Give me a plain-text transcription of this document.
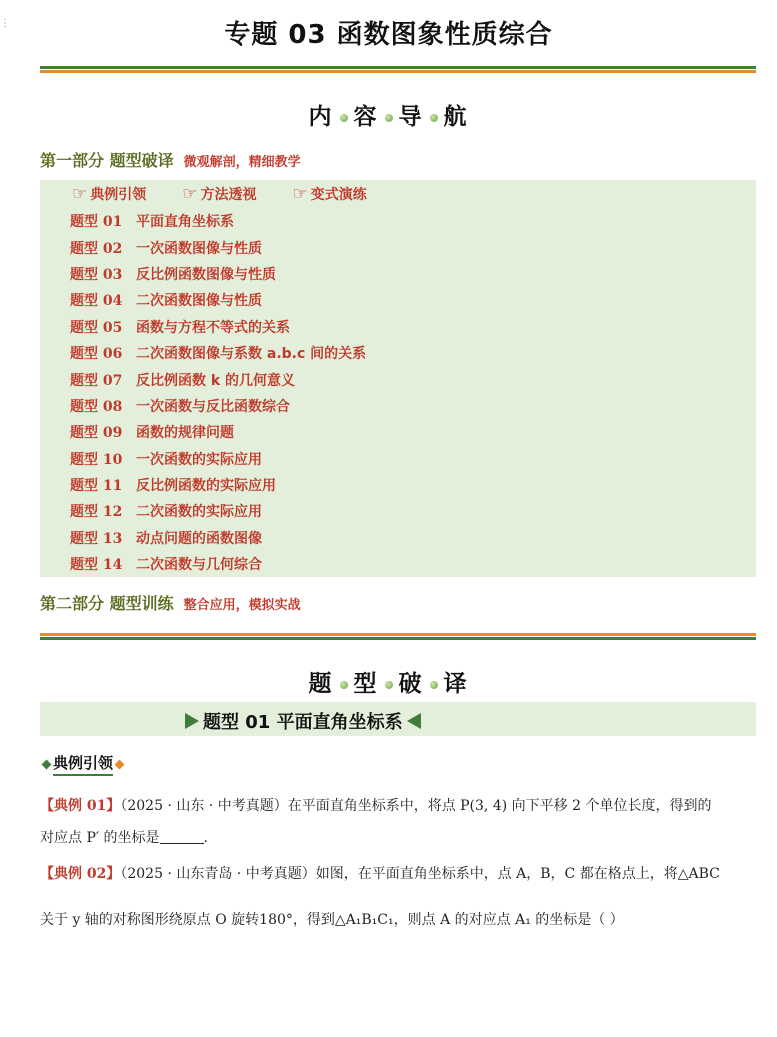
⋮	专题 03 函数图象性质综合
内 容 导 航
第一部分 题型破译 微观解剖，精细教学
☞ 典例引领 ☞ 方法透视 ☞ 变式演练
题型 01 平面直角坐标系
题型 02 一次函数图像与性质
题型 03 反比例函数图像与性质
题型 04 二次函数图像与性质
题型 05 函数与方程不等式的关系
题型 06 二次函数图像与系数 a.b.c 间的关系
题型 07 反比例函数 k 的几何意义
题型 08 一次函数与反比函数综合
题型 09 函数的规律问题
题型 10 一次函数的实际应用
题型 11 反比例函数的实际应用
题型 12 二次函数的实际应用
题型 13 动点问题的函数图像
题型 14 二次函数与几何综合
第二部分 题型训练 整合应用，模拟实战
题 型 破 译
题型 01 平面直角坐标系
典例引领
【典例 01】（2025 · 山东 · 中考真题）在平面直角坐标系中，将点 P(3, 4) 向下平移 2 个单位长度，得到的
对应点 P′ 的坐标是	.
【典例 02】（2025 · 山东青岛 · 中考真题）如图，在平面直角坐标系中，点 A，B，C 都在格点上，将△ABC
关于 y 轴的对称图形绕原点 O 旋转180°，得到△A₁B₁C₁，则点 A 的对应点 A₁ 的坐标是（ ）
